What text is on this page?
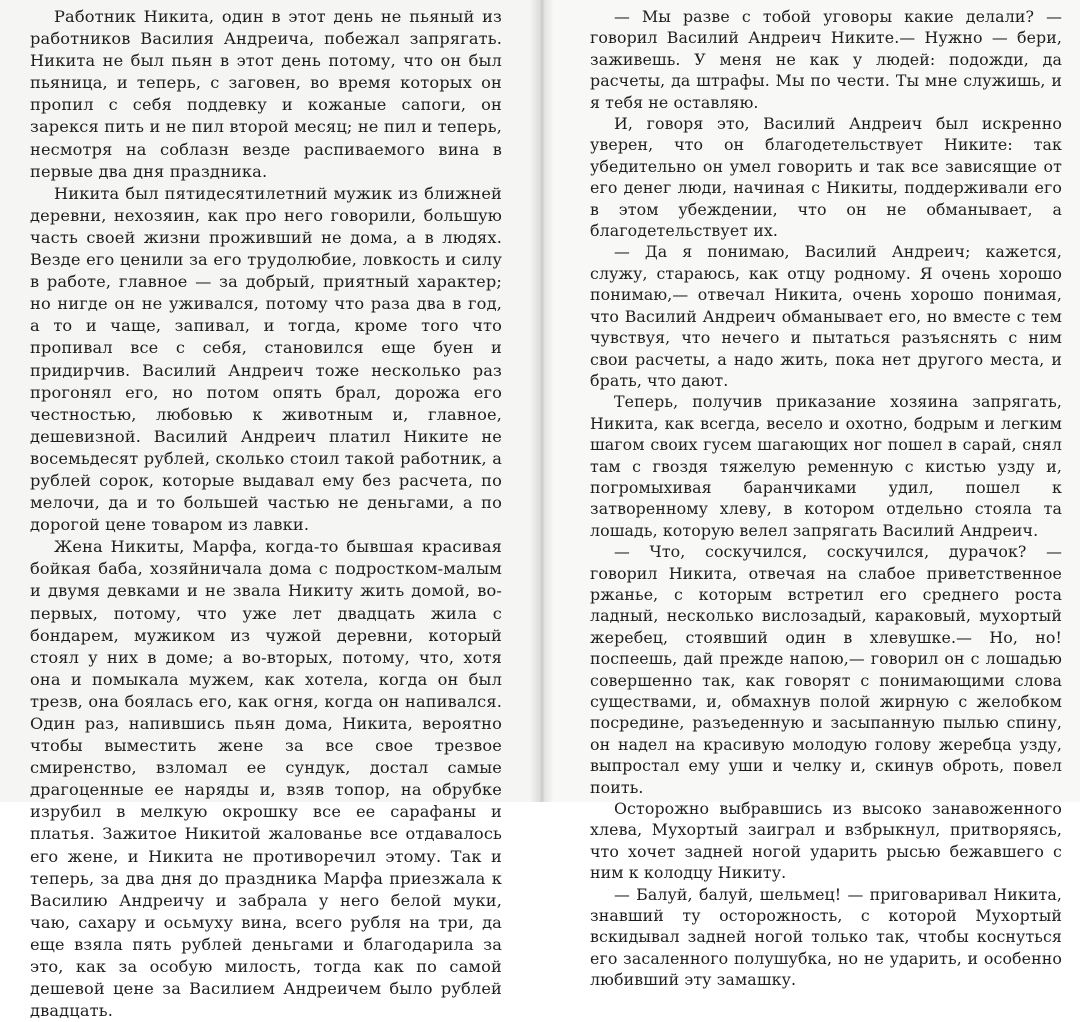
Работник Никита, один в этот день не пьяный из работников Василия Андреича, побежал запрягать. Никита не был пьян в этот день потому, что он был пьяница, и теперь, с заговен, во время которых он пропил с себя поддевку и кожаные сапоги, он зарекся пить и не пил второй месяц; не пил и теперь, несмотря на соблазн везде распиваемого вина в первые два дня праздника.

Никита был пятидесятилетний мужик из ближней деревни, нехозяин, как про него говорили, большую часть своей жизни проживший не дома, а в людях. Везде его ценили за его трудолюбие, ловкость и силу в работе, главное — за добрый, приятный характер; но нигде он не уживался, потому что раза два в год, а то и чаще, запивал, и тогда, кроме того что пропивал все с себя, становился еще буен и придирчив. Василий Андреич тоже несколько раз прогонял его, но потом опять брал, дорожа его честностью, любовью к животным и, главное, дешевизной. Василий Андреич платил Никите не восемьдесят рублей, сколько стоил такой работник, а рублей сорок, которые выдавал ему без расчета, по мелочи, да и то большей частью не деньгами, а по дорогой цене товаром из лавки.

Жена Никиты, Марфа, когда-то бывшая красивая бойкая баба, хозяйничала дома с подростком-малым и двумя девками и не звала Никиту жить домой, во-первых, потому, что уже лет двадцать жила с бондарем, мужиком из чужой деревни, который стоял у них в доме; а во-вторых, потому, что, хотя она и помыкала мужем, как хотела, когда он был трезв, она боялась его, как огня, когда он напивался. Один раз, напившись пьян дома, Никита, вероятно чтобы выместить жене за все свое трезвое смиренство, взломал ее сундук, достал самые драгоценные ее наряды и, взяв топор, на обрубке изрубил в мелкую окрошку все ее сарафаны и платья. Зажитое Никитой жалованье все отдавалось его жене, и Никита не противоречил этому. Так и теперь, за два дня до праздника Марфа приезжала к Василию Андреичу и забрала у него белой муки, чаю, сахару и осьмуху вина, всего рубля на три, да еще взяла пять рублей деньгами и благодарила за это, как за особую милость, тогда как по самой дешевой цене за Василием Андреичем было рублей двадцать.

— Мы разве с тобой уговоры какие делали? — говорил Василий Андреич Никите.— Нужно — бери, заживешь. У меня не как у людей: подожди, да расчеты, да штрафы. Мы по чести. Ты мне служишь, и я тебя не оставляю.

И, говоря это, Василий Андреич был искренно уверен, что он благодетельствует Никите: так убедительно он умел говорить и так все зависящие от его денег люди, начиная с Никиты, поддерживали его в этом убеждении, что он не обманывает, а благодетельствует их.

— Да я понимаю, Василий Андреич; кажется, служу, стараюсь, как отцу родному. Я очень хорошо понимаю,— отвечал Никита, очень хорошо понимая, что Василий Андреич обманывает его, но вместе с тем чувствуя, что нечего и пытаться разъяснять с ним свои расчеты, а надо жить, пока нет другого места, и брать, что дают.

Теперь, получив приказание хозяина запрягать, Никита, как всегда, весело и охотно, бодрым и легким шагом своих гусем шагающих ног пошел в сарай, снял там с гвоздя тяжелую ременную с кистью узду и, погромыхивая баранчиками удил, пошел к затворенному хлеву, в котором отдельно стояла та лошадь, которую велел запрягать Василий Андреич.

— Что, соскучился, соскучился, дурачок? — говорил Никита, отвечая на слабое приветственное ржанье, с которым встретил его среднего роста ладный, несколько вислозадый, караковый, мухортый жеребец, стоявший один в хлевушке.— Но, но! поспеешь, дай прежде напою,— говорил он с лошадью совершенно так, как говорят с понимающими слова существами, и, обмахнув полой жирную с желобком посредине, разъеденную и засыпанную пылью спину, он надел на красивую молодую голову жеребца узду, выпростал ему уши и челку и, скинув оброть, повел поить.

Осторожно выбравшись из высоко занавоженного хлева, Мухортый заиграл и взбрыкнул, притворяясь, что хочет задней ногой ударить рысью бежавшего с ним к колодцу Никиту.

— Балуй, балуй, шельмец! — приговаривал Никита, знавший ту осторожность, с которой Мухортый вскидывал задней ногой только так, чтобы коснуться его засаленного полушубка, но не ударить, и особенно любивший эту замашку.
